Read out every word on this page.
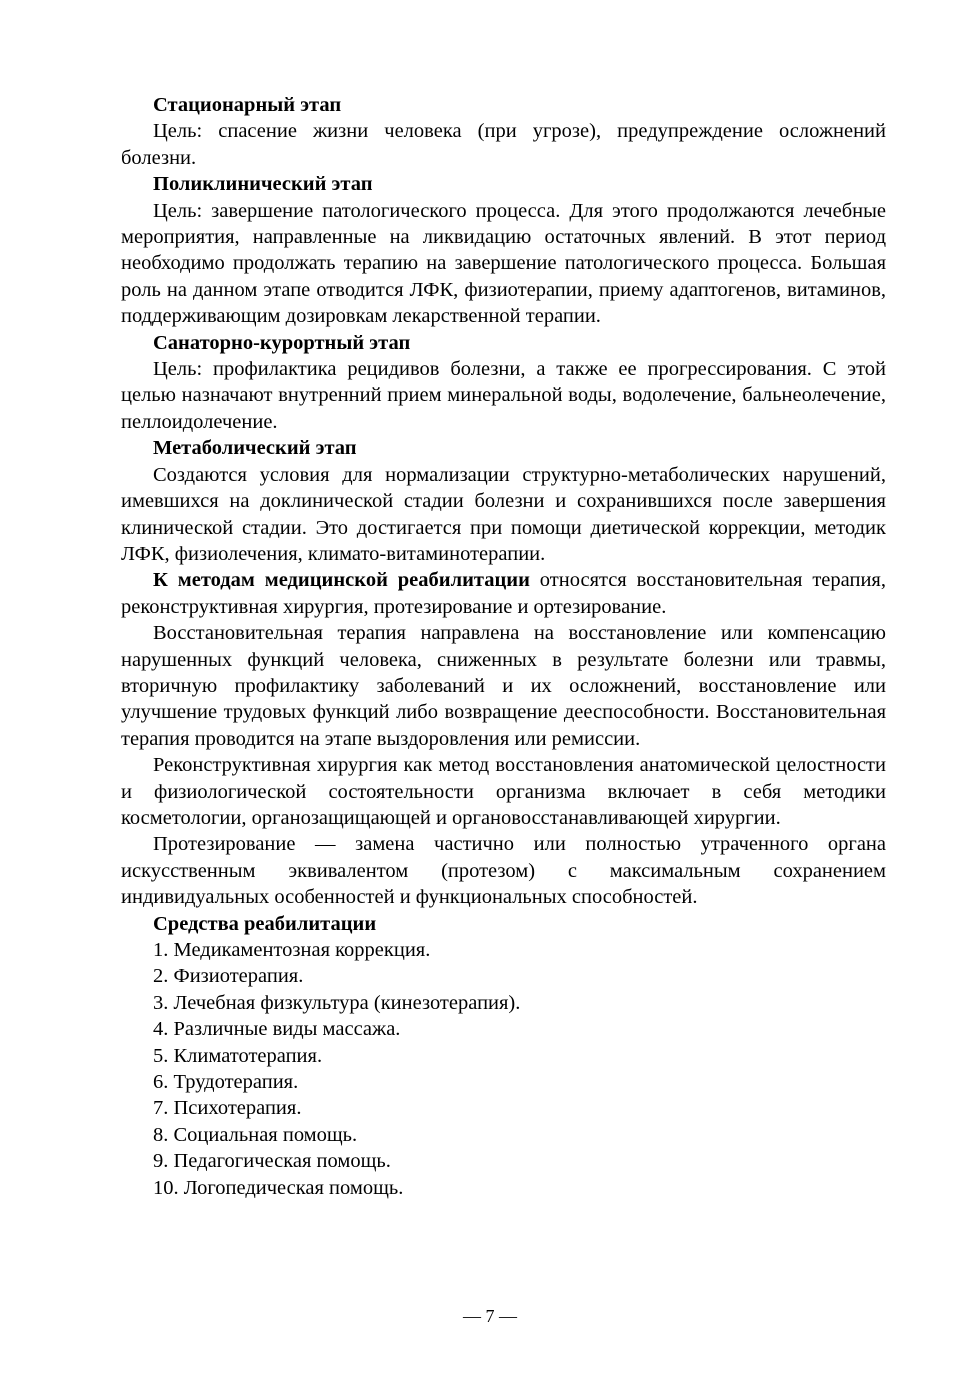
Стационарный этап

Цель: спасение жизни человека (при угрозе), предупреждение осложнений болезни.

Поликлинический этап

Цель: завершение патологического процесса. Для этого продолжаются лечебные мероприятия, направленные на ликвидацию остаточных явлений. В этот период необходимо продолжать терапию на завершение патологического процесса. Большая роль на данном этапе отводится ЛФК, физиотерапии, приему адаптогенов, витаминов, поддерживающим дозировкам лекарственной терапии.

Санаторно-курортный этап

Цель: профилактика рецидивов болезни, а также ее прогрессирования. С этой целью назначают внутренний прием минеральной воды, водолечение, бальнеолечение, пеллоидолечение.

Метаболический этап

Создаются условия для нормализации структурно-метаболических нарушений, имевшихся на доклинической стадии болезни и сохранившихся после завершения клинической стадии. Это достигается при помощи диетической коррекции, методик ЛФК, физиолечения, климато-витаминотерапии.

К методам медицинской реабилитации относятся восстановительная терапия, реконструктивная хирургия, протезирование и ортезирование.

Восстановительная терапия направлена на восстановление или компенсацию нарушенных функций человека, сниженных в результате болезни или травмы, вторичную профилактику заболеваний и их осложнений, восстановление или улучшение трудовых функций либо возвращение дееспособности. Восстановительная терапия проводится на этапе выздоровления или ремиссии.

Реконструктивная хирургия как метод восстановления анатомической целостности и физиологической состоятельности организма включает в себя методики косметологии, органозащищающей и органовосстанавливающей хирургии.

Протезирование — замена частично или полностью утраченного органа искусственным эквивалентом (протезом) с максимальным сохранением индивидуальных особенностей и функциональных способностей.

Средства реабилитации

1. Медикаментозная коррекция.
2. Физиотерапия.
3. Лечебная физкультура (кинезотерапия).
4. Различные виды массажа.
5. Климатотерапия.
6. Трудотерапия.
7. Психотерапия.
8. Социальная помощь.
9. Педагогическая помощь.
10. Логопедическая помощь.
— 7 —
